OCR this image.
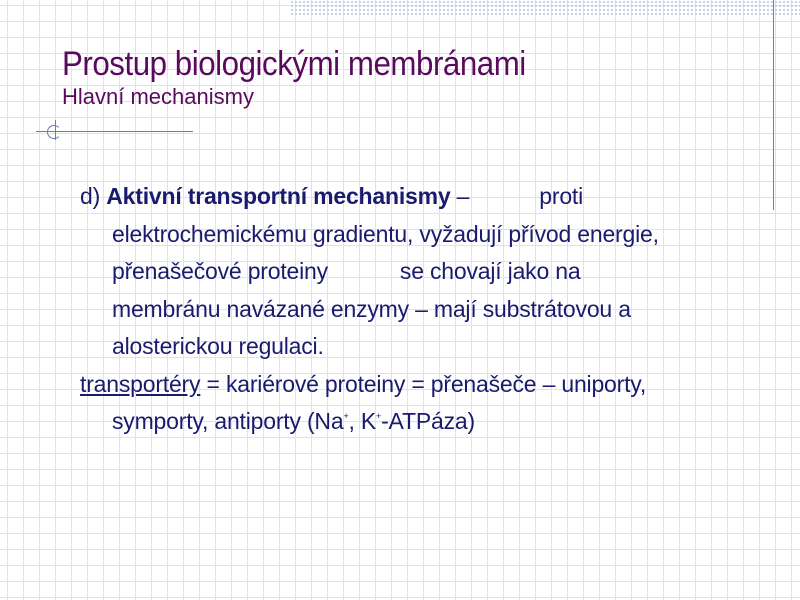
Prostup biologickými membránami
Hlavní mechanismy

d) Aktivní transportní mechanismy –	proti
elektrochemickému gradientu, vyžadují přívod energie,
přenašečové proteiny	se chovají jako na
membránu navázané enzymy – mají substrátovou a
alosterickou regulaci.

transportéry = kariérové proteiny = přenašeče – uniporty,
symporty, antiporty (Na+, K+-ATPáza)
